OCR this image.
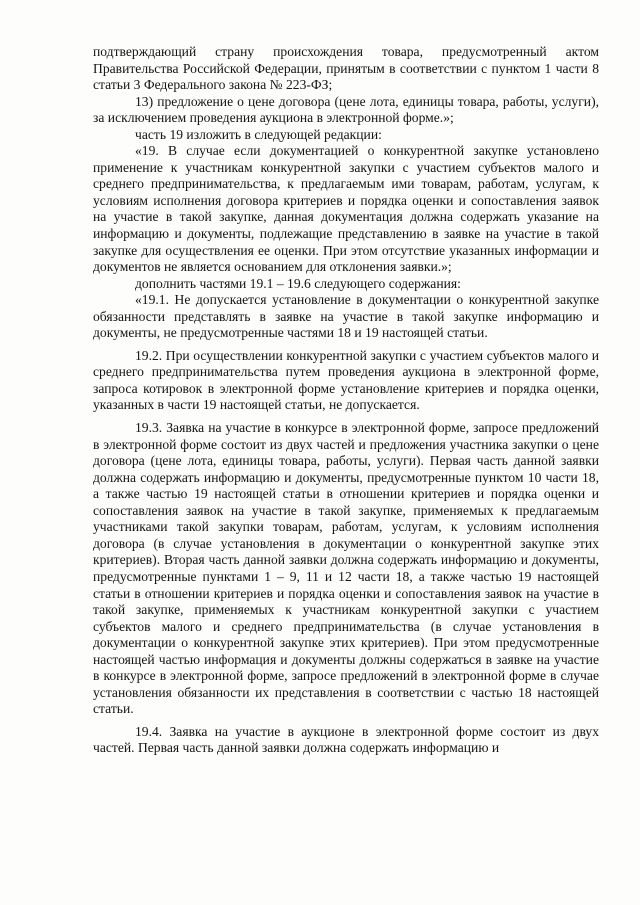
подтверждающий страну происхождения товара, предусмотренный актом Правительства Российской Федерации, принятым в соответствии с пунктом 1 части 8 статьи 3 Федерального закона № 223-ФЗ;

13) предложение о цене договора (цене лота, единицы товара, работы, услуги), за исключением проведения аукциона в электронной форме.»;

часть 19 изложить в следующей редакции:

«19. В случае если документацией о конкурентной закупке установлено применение к участникам конкурентной закупки с участием субъектов малого и среднего предпринимательства, к предлагаемым ими товарам, работам, услугам, к условиям исполнения договора критериев и порядка оценки и сопоставления заявок на участие в такой закупке, данная документация должна содержать указание на информацию и документы, подлежащие представлению в заявке на участие в такой закупке для осуществления ее оценки. При этом отсутствие указанных информации и документов не является основанием для отклонения заявки.»;

дополнить частями 19.1 – 19.6 следующего содержания:

«19.1. Не допускается установление в документации о конкурентной закупке обязанности представлять в заявке на участие в такой закупке информацию и документы, не предусмотренные частями 18 и 19 настоящей статьи.

19.2. При осуществлении конкурентной закупки с участием субъектов малого и среднего предпринимательства путем проведения аукциона в электронной форме, запроса котировок в электронной форме установление критериев и порядка оценки, указанных в части 19 настоящей статьи, не допускается.

19.3. Заявка на участие в конкурсе в электронной форме, запросе предложений в электронной форме состоит из двух частей и предложения участника закупки о цене договора (цене лота, единицы товара, работы, услуги). Первая часть данной заявки должна содержать информацию и документы, предусмотренные пунктом 10 части 18, а также частью 19 настоящей статьи в отношении критериев и порядка оценки и сопоставления заявок на участие в такой закупке, применяемых к предлагаемым участниками такой закупки товарам, работам, услугам, к условиям исполнения договора (в случае установления в документации о конкурентной закупке этих критериев). Вторая часть данной заявки должна содержать информацию и документы, предусмотренные пунктами 1 – 9, 11 и 12 части 18, а также частью 19 настоящей статьи в отношении критериев и порядка оценки и сопоставления заявок на участие в такой закупке, применяемых к участникам конкурентной закупки с участием субъектов малого и среднего предпринимательства (в случае установления в документации о конкурентной закупке этих критериев). При этом предусмотренные настоящей частью информация и документы должны содержаться в заявке на участие в конкурсе в электронной форме, запросе предложений в электронной форме в случае установления обязанности их представления в соответствии с частью 18 настоящей статьи.

19.4. Заявка на участие в аукционе в электронной форме состоит из двух частей. Первая часть данной заявки должна содержать информацию и
